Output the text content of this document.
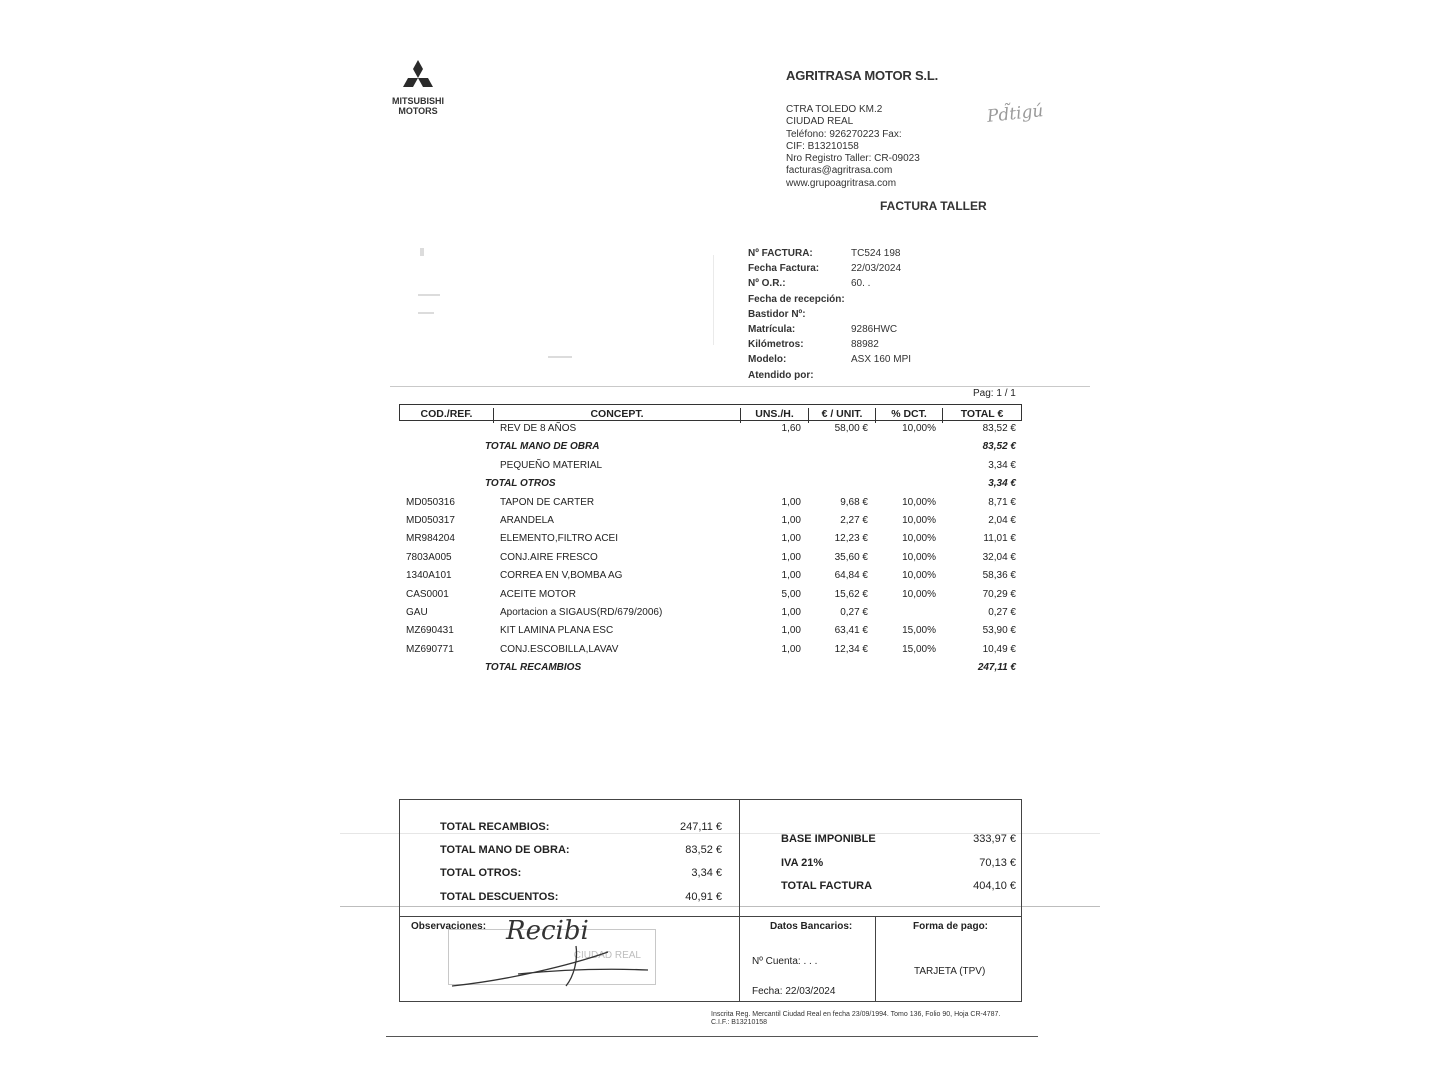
MITSUBISHI
MOTORS
AGRITRASA MOTOR S.L.
CTRA TOLEDO KM.2
CIUDAD REAL
Teléfono: 926270223 Fax:
CIF: B13210158
Nro Registro Taller: CR-09023
facturas@agritrasa.com
www.grupoagritrasa.com
Pd̃tigú
FACTURA TALLER
Nº FACTURA:	TC524 198
Fecha Factura:	22/03/2024
Nº O.R.:	60. .
Fecha de recepción:
Bastidor Nº:
Matrícula:	9286HWC
Kilómetros:	88982
Modelo:	ASX 160 MPI
Atendido por:
Pag: 1 / 1
COD./REF.	CONCEPT.	UNS./H.	€ / UNIT.	% DCT.	TOTAL €
REV DE 8 AÑOS	1,60	58,00 €	10,00%	83,52 €
TOTAL MANO DE OBRA	83,52 €
PEQUEÑO MATERIAL	3,34 €
TOTAL OTROS	3,34 €
MD050316	TAPON DE CARTER	1,00	9,68 €	10,00%	8,71 €
MD050317	ARANDELA	1,00	2,27 €	10,00%	2,04 €
MR984204	ELEMENTO,FILTRO ACEI	1,00	12,23 €	10,00%	11,01 €
7803A005	CONJ.AIRE FRESCO	1,00	35,60 €	10,00%	32,04 €
1340A101	CORREA EN V,BOMBA AG	1,00	64,84 €	10,00%	58,36 €
CAS0001	ACEITE MOTOR	5,00	15,62 €	10,00%	70,29 €
GAU	Aportacion a SIGAUS(RD/679/2006)	1,00	0,27 €	0,27 €
MZ690431	KIT LAMINA PLANA ESC	1,00	63,41 €	15,00%	53,90 €
MZ690771	CONJ.ESCOBILLA,LAVAV	1,00	12,34 €	15,00%	10,49 €
TOTAL RECAMBIOS	247,11 €
TOTAL RECAMBIOS:	247,11 €
TOTAL MANO DE OBRA:	83,52 €
TOTAL OTROS:	3,34 €
TOTAL DESCUENTOS:	40,91 €
BASE IMPONIBLE	333,97 €
IVA 21%	70,13 €
TOTAL FACTURA	404,10 €
CIUDAD REAL
Observaciones: Recibi	Datos Bancarios:
Nº Cuenta: . . .
Fecha: 22/03/2024
Forma de pago:
TARJETA (TPV)
Inscrita Reg. Mercantil Ciudad Real en fecha 23/09/1994. Tomo 136, Folio 90, Hoja CR-4787. C.I.F.: B13210158
